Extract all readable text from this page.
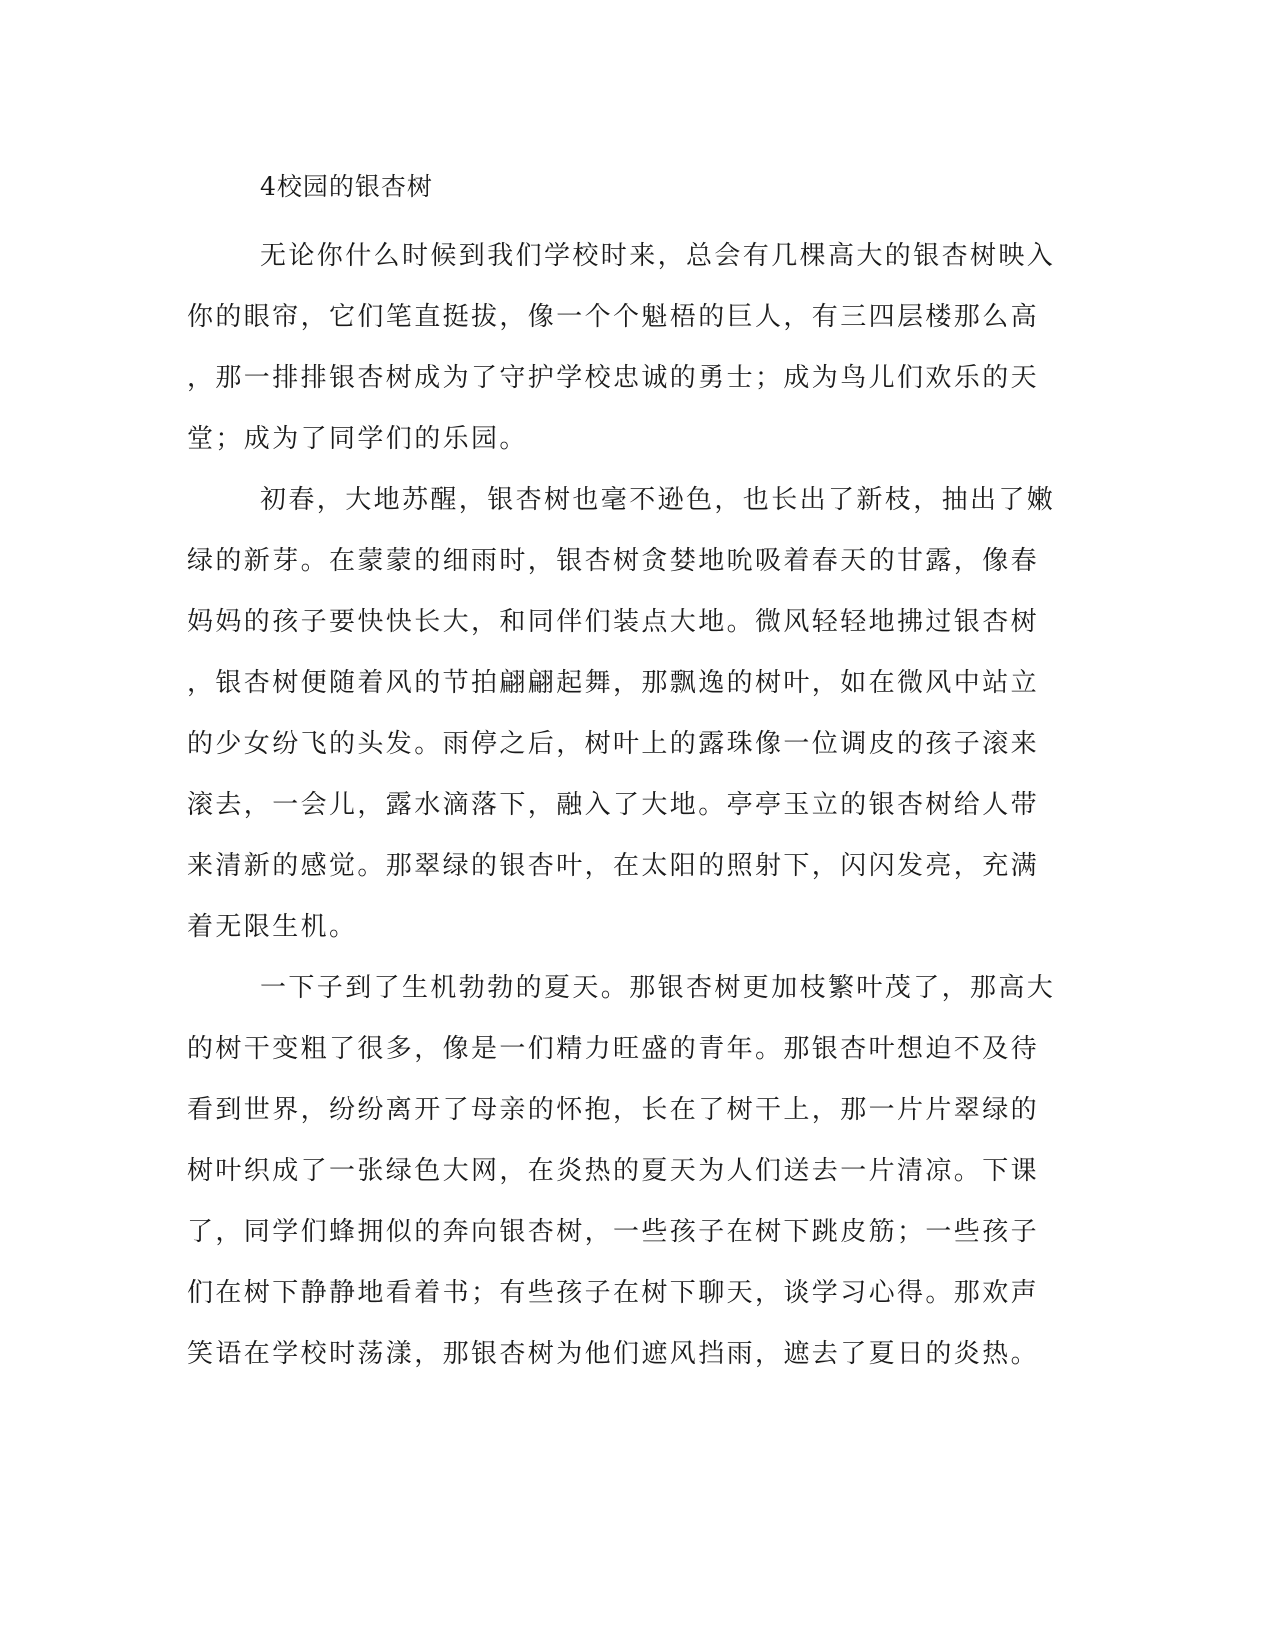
4校园的银杏树
无论你什么时候到我们学校时来，总会有几棵高大的银杏树映入
你的眼帘，它们笔直挺拔，像一个个魁梧的巨人，有三四层楼那么高
，那一排排银杏树成为了守护学校忠诚的勇士；成为鸟儿们欢乐的天
堂；成为了同学们的乐园。
初春，大地苏醒，银杏树也毫不逊色，也长出了新枝，抽出了嫩
绿的新芽。在蒙蒙的细雨时，银杏树贪婪地吮吸着春天的甘露，像春
妈妈的孩子要快快长大，和同伴们装点大地。微风轻轻地拂过银杏树
，银杏树便随着风的节拍翩翩起舞，那飘逸的树叶，如在微风中站立
的少女纷飞的头发。雨停之后，树叶上的露珠像一位调皮的孩子滚来
滚去，一会儿，露水滴落下，融入了大地。亭亭玉立的银杏树给人带
来清新的感觉。那翠绿的银杏叶，在太阳的照射下，闪闪发亮，充满
着无限生机。
一下子到了生机勃勃的夏天。那银杏树更加枝繁叶茂了，那高大
的树干变粗了很多，像是一们精力旺盛的青年。那银杏叶想迫不及待
看到世界，纷纷离开了母亲的怀抱，长在了树干上，那一片片翠绿的
树叶织成了一张绿色大网，在炎热的夏天为人们送去一片清凉。下课
了，同学们蜂拥似的奔向银杏树，一些孩子在树下跳皮筋；一些孩子
们在树下静静地看着书；有些孩子在树下聊天，谈学习心得。那欢声
笑语在学校时荡漾，那银杏树为他们遮风挡雨，遮去了夏日的炎热。
